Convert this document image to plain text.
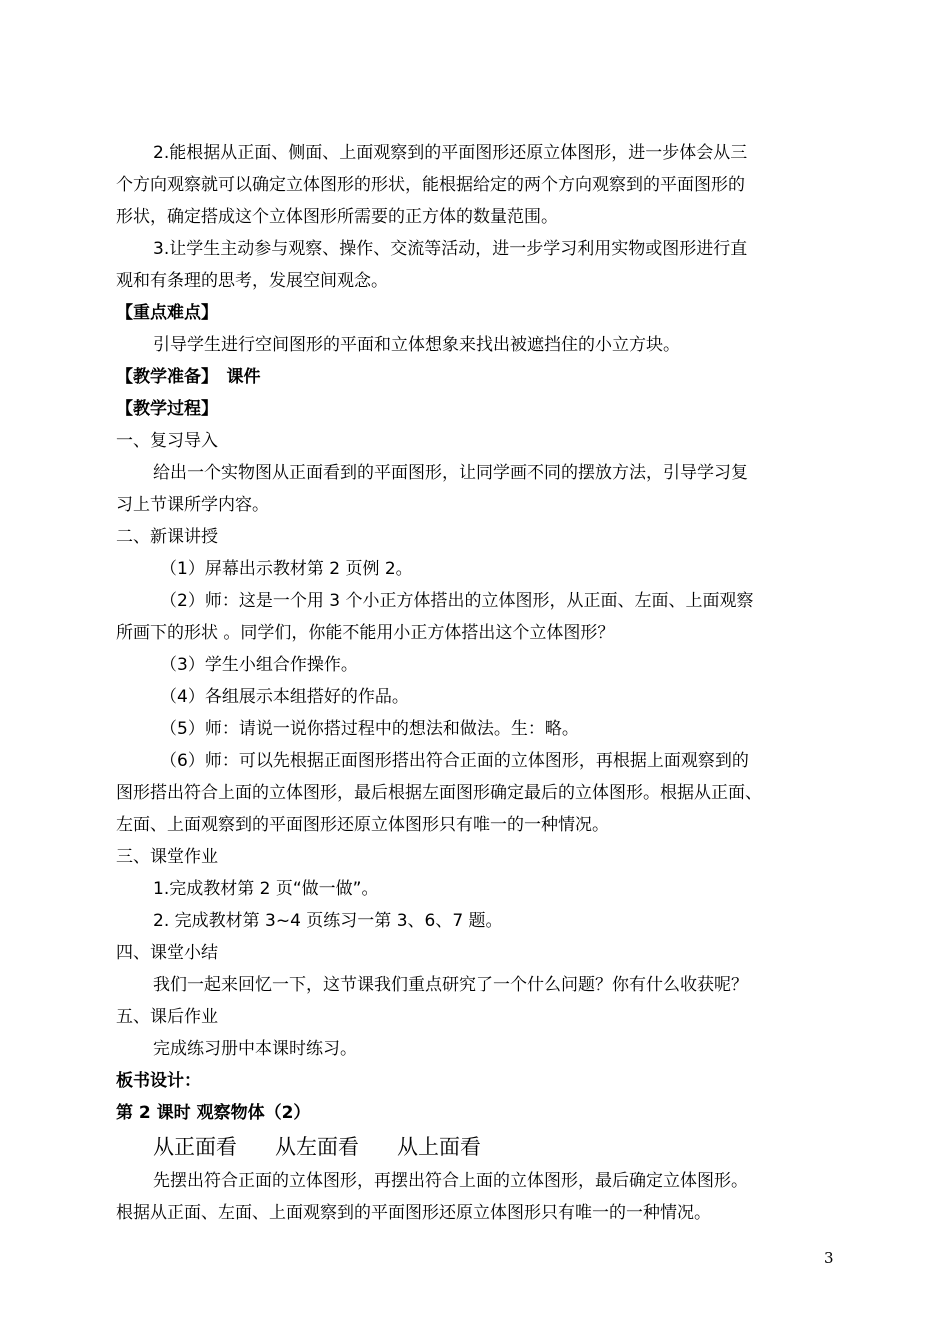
2.能根据从正面、侧面、上面观察到的平面图形还原立体图形，进一步体会从三

个方向观察就可以确定立体图形的形状，能根据给定的两个方向观察到的平面图形的

形状，确定搭成这个立体图形所需要的正方体的数量范围。

3.让学生主动参与观察、操作、交流等活动，进一步学习利用实物或图形进行直

观和有条理的思考，发展空间观念。

【重点难点】

引导学生进行空间图形的平面和立体想象来找出被遮挡住的小立方块。

【教学准备】　课件

【教学过程】

一、复习导入

给出一个实物图从正面看到的平面图形，让同学画不同的摆放方法，引导学习复

习上节课所学内容。

二、新课讲授

（1）屏幕出示教材第 2 页例 2。

（2）师：这是一个用 3 个小正方体搭出的立体图形，从正面、左面、上面观察

所画下的形状 。同学们，你能不能用小正方体搭出这个立体图形？

（3）学生小组合作操作。

（4）各组展示本组搭好的作品。

（5）师：请说一说你搭过程中的想法和做法。生：略。

（6）师：可以先根据正面图形搭出符合正面的立体图形，再根据上面观察到的

图形搭出符合上面的立体图形，最后根据左面图形确定最后的立体图形。根据从正面、

左面、上面观察到的平面图形还原立体图形只有唯一的一种情况。

三、课堂作业

1.完成教材第 2 页“做一做”。

2. 完成教材第 3~4 页练习一第 3、6、7 题。

四、课堂小结

我们一起来回忆一下，这节课我们重点研究了一个什么问题？你有什么收获呢？

五、课后作业

完成练习册中本课时练习。

板书设计：

第 2 课时 观察物体（2）

从正面看 从左面看 从上面看

先摆出符合正面的立体图形，再摆出符合上面的立体图形，最后确定立体图形。

根据从正面、左面、上面观察到的平面图形还原立体图形只有唯一的一种情况。

3
